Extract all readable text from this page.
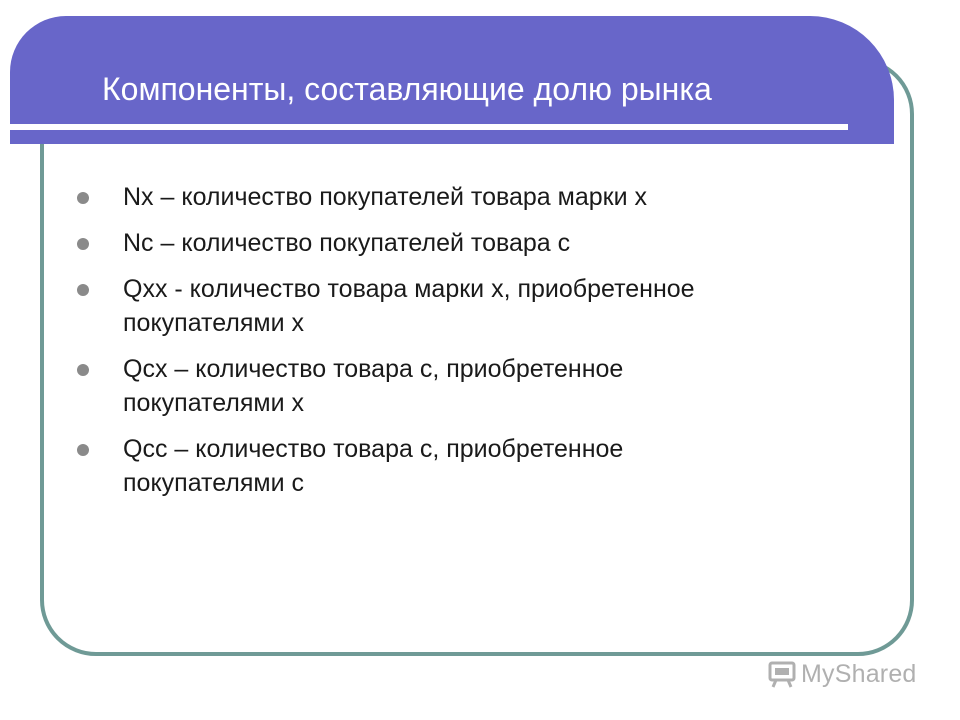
Компоненты, составляющие долю рынка
Nx – количество покупателей товара марки x
Nc – количество покупателей товара c
Qxx - количество товара марки x, приобретенное
покупателями x
Qcx – количество товара c, приобретенное
покупателями x
Qcc – количество товара c, приобретенное
покупателями c
MyShared
